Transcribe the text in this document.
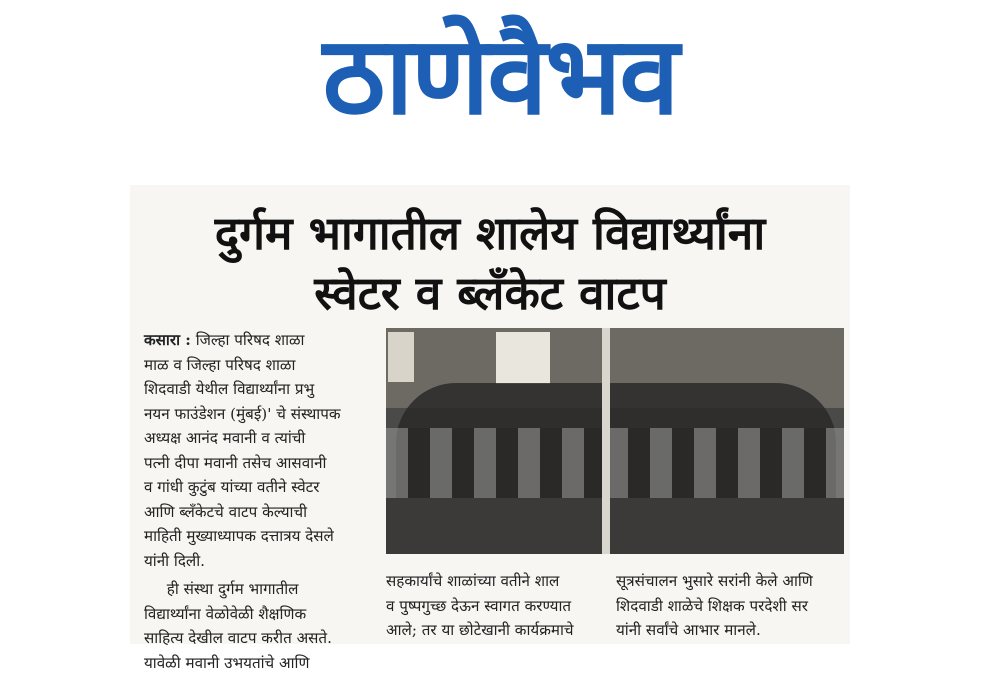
ठाणेवैभव
दुर्गम भागातील शालेय विद्यार्थ्यांना
स्वेटर व ब्लँकेट वाटप

कसारा : जिल्हा परिषद शाळा
माळ व जिल्हा परिषद शाळा
शिदवाडी येथील विद्यार्थ्यांना प्रभु
नयन फाउंडेशन (मुंबई)' चे संस्थापक
अध्यक्ष आनंद मवानी व त्यांची
पत्नी दीपा मवानी तसेच आसवानी
व गांधी कुटुंब यांच्या वतीने स्वेटर
आणि ब्लँकेटचे वाटप केल्याची
माहिती मुख्याध्यापक दत्तात्रय देसले
यांनी दिली.

ही संस्था दुर्गम भागातील
विद्यार्थ्यांना वेळोवेळी शैक्षणिक
साहित्य देखील वाटप करीत असते.
यावेळी मवानी उभयतांचे आणि

सहकार्यांचे शाळांच्या वतीने शाल
व पुष्पगुच्छ देऊन स्वागत करण्यात
आले; तर या छोटेखानी कार्यक्रमाचे

सूत्रसंचालन भुसारे सरांनी केले आणि
शिदवाडी शाळेचे शिक्षक परदेशी सर
यांनी सर्वांचे आभार मानले.
